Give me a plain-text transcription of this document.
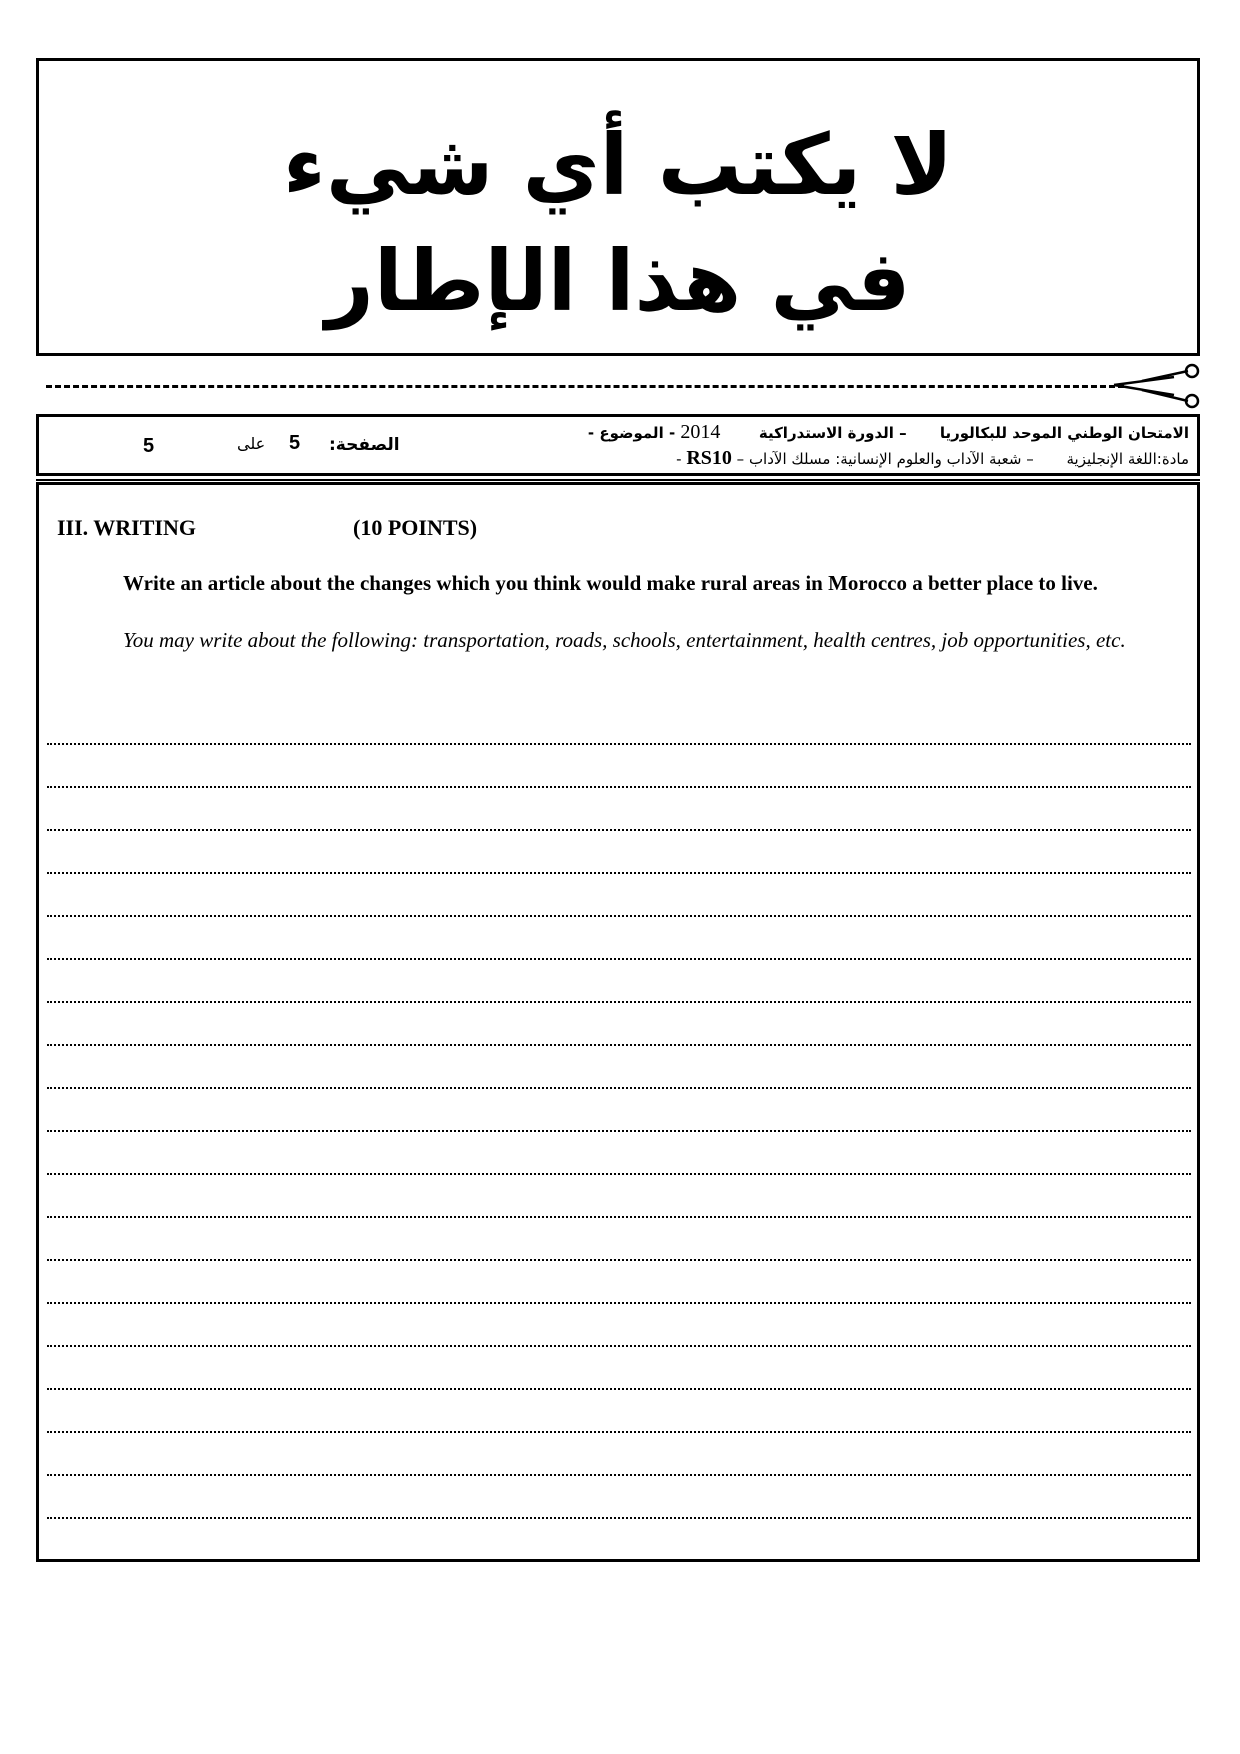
لا يكتب أي شيء
في هذا الإطار
الامتحان الوطني الموحد للبكالوريا – الدورة الاستدراكية  2014 - الموضوع -
مادة:اللغة الإنجليزية – شعبة الآداب والعلوم الإنسانية: مسلك الآداب – RS10 -
الصفحة:
5
على
5
III. WRITING	(10 POINTS)

Write an article about the changes which you think would make rural areas in Morocco a better place to live.

You may write about the following: transportation, roads, schools, entertainment, health centres, job opportunities, etc.
